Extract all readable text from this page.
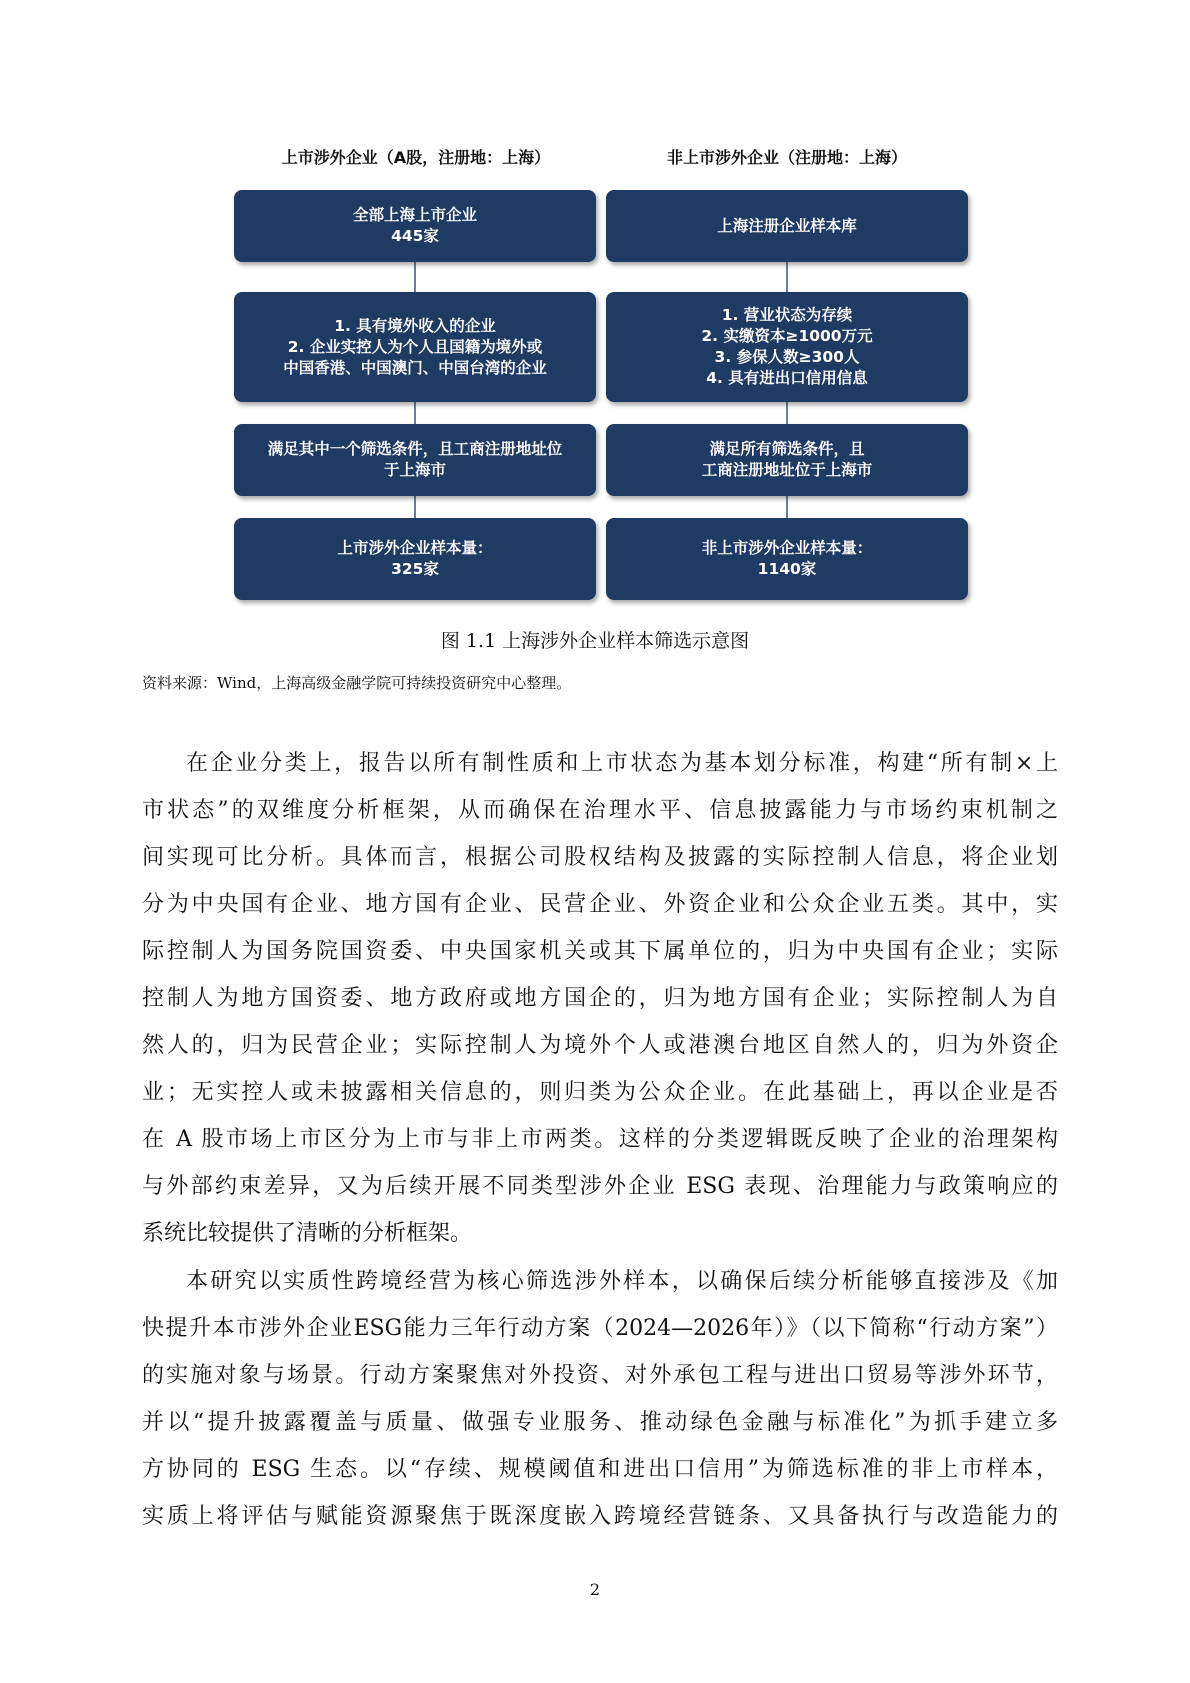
上市涉外企业（A股，注册地：上海）	非上市涉外企业（注册地：上海）
全部上海上市企业
445家
1. 具有境外收入的企业
2. 企业实控人为个人且国籍为境外或
中国香港、中国澳门、中国台湾的企业
满足其中一个筛选条件，且工商注册地址位
于上海市
上市涉外企业样本量：
325家
上海注册企业样本库
1. 营业状态为存续
2. 实缴资本≥1000万元
3. 参保人数≥300人
4. 具有进出口信用信息
满足所有筛选条件，且
工商注册地址位于上海市
非上市涉外企业样本量：
1140家
图 1.1 上海涉外企业样本筛选示意图
资料来源：Wind，上海高级金融学院可持续投资研究中心整理。
在企业分类上，报告以所有制性质和上市状态为基本划分标准，构建“所有制×上
市状态”的双维度分析框架，从而确保在治理水平、信息披露能力与市场约束机制之
间实现可比分析。具体而言，根据公司股权结构及披露的实际控制人信息，将企业划
分为中央国有企业、地方国有企业、民营企业、外资企业和公众企业五类。其中，实
际控制人为国务院国资委、中央国家机关或其下属单位的，归为中央国有企业；实际
控制人为地方国资委、地方政府或地方国企的，归为地方国有企业；实际控制人为自
然人的，归为民营企业；实际控制人为境外个人或港澳台地区自然人的，归为外资企
业；无实控人或未披露相关信息的，则归类为公众企业。在此基础上，再以企业是否
在 A 股市场上市区分为上市与非上市两类。这样的分类逻辑既反映了企业的治理架构
与外部约束差异，又为后续开展不同类型涉外企业 ESG 表现、治理能力与政策响应的
系统比较提供了清晰的分析框架。
本研究以实质性跨境经营为核心筛选涉外样本，以确保后续分析能够直接涉及《加
快提升本市涉外企业ESG能力三年行动方案（2024—2026年）》（以下简称“行动方案”）
的实施对象与场景。行动方案聚焦对外投资、对外承包工程与进出口贸易等涉外环节，
并以“提升披露覆盖与质量、做强专业服务、推动绿色金融与标准化”为抓手建立多
方协同的 ESG 生态。以“存续、规模阈值和进出口信用”为筛选标准的非上市样本，
实质上将评估与赋能资源聚焦于既深度嵌入跨境经营链条、又具备执行与改造能力的
2
